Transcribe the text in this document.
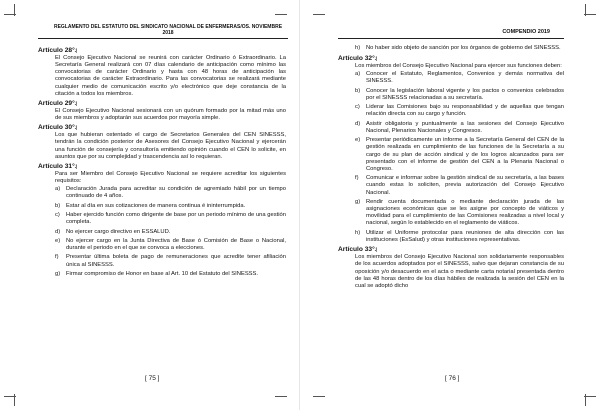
REGLAMENTO DEL ESTATUTO DEL SINDICATO NACIONAL DE ENFERMERAS/OS. NOVIEMBRE 2018	COMPENDIO 2019
Artículo 28°₰

El Consejo Ejecutivo Nacional se reunirá con carácter Ordinario ó Extraordinario. La Secretaría General realizará con 07 días calendario de anticipación como mínimo las convocatorias de carácter Ordinario y hasta con 48 horas de anticipación las convocatorias de carácter Extraordinario. Para las convocatorias se realizará mediante cualquier medio de comunicación escrito y/o electrónico que deje constancia de la citación a todos los miembros.

Artículo 29°₰

El Consejo Ejecutivo Nacional sesionará con un quórum formado por la mitad más uno de sus miembros y adoptarán sus acuerdos por mayoría simple.

Artículo 30°₰

Los que hubieran ostentado el cargo de Secretarios Generales del CEN SINESSS, tendrán la condición posterior de Asesores del Consejo Ejecutivo Nacional y ejercerán una función de consejería y consultoría emitiendo opinión cuando el CEN lo solicite, en asuntos que por su complejidad y trascendencia así lo requieran.

Artículo 31°₰

Para ser Miembro del Consejo Ejecutivo Nacional se requiere acreditar los siguientes requisitos:

a)	Declaración Jurada para acreditar su condición de agremiado hábil por un tiempo continuado de 4 años.
b)	Estar al día en sus cotizaciones de manera continua é ininterrumpida.
c)	Haber ejercido función como dirigente de base por un periodo mínimo de una gestión completa.
d)	No ejercer cargo directivo en ESSALUD.
e)	No ejercer cargo en la Junta Directiva de Base ó Comisión de Base o Nacional, durante el periodo en el que se convoca a elecciones.
f)	Presentar última boleta de pago de remuneraciones que acredite tener afiliación única al SINESSS.
g)	Firmar compromiso de Honor en base al Art. 10 del Estatuto del SINESSS.
h)	No haber sido objeto de sanción por los órganos de gobierno del SINESSS.
Artículo 32°₰

Los miembros del Consejo Ejecutivo Nacional para ejercer sus funciones deben:

a)	Conocer el Estatuto, Reglamentos, Convenios y demás normativa del SINESSS.
b)	Conocer la legislación laboral vigente y los pactos o convenios celebrados por el SINESSS relacionadas a su secretaría.
c)	Liderar las Comisiones bajo su responsabilidad y de aquellas que tengan relación directa con su cargo y función.
d)	Asistir obligatoria y puntualmente a las sesiones del Consejo Ejecutivo Nacional, Plenarios Nacionales y Congresos.
e)	Presentar periódicamente un informe a la Secretaría General del CEN de la gestión realizada en cumplimiento de las funciones de la Secretaría a su cargo de su plan de acción sindical y de los logros alcanzados para ser presentado con el informe de gestión del CEN a la Plenaria Nacional o Congreso.
f)	Comunicar e informar sobre la gestión sindical de su secretaría, a las bases cuando estas lo soliciten, previa autorización del Consejo Ejecutivo Nacional.
g)	Rendir cuenta documentada o mediante declaración jurada de las asignaciones económicas que se les asigne por concepto de viáticos y movilidad para el cumplimiento de las Comisiones realizadas a nivel local y nacional, según lo establecido en el reglamento de viáticos.
h)	Utilizar el Uniforme protocolar para reuniones de alta dirección con las instituciones (EsSalud) y otras instituciones representativas.
Artículo 33°₰

Los miembros del Consejo Ejecutivo Nacional son solidariamente responsables de los acuerdos adoptados por el SINESSS, salvo que dejaran constancia de su oposición y/o desacuerdo en el acta o mediante carta notarial presentada dentro de las 48 horas dentro de los días hábiles de realizada la sesión del CEN en la cual se adoptó dicho

[ 75 ]	[ 76 ]
